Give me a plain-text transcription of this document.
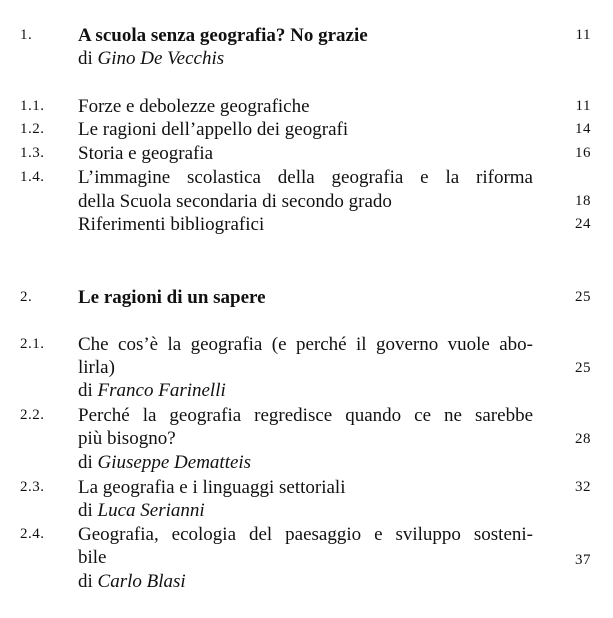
1. A scuola senza geografia? No grazie	11
di Gino De Vecchis
1.1. Forze e debolezze geografiche	11
1.2. Le ragioni dell’appello dei geografi	14
1.3. Storia e geografia	16
1.4. L’immagine scolastica della geografia e la riforma
della Scuola secondaria di secondo grado	18
Riferimenti bibliografici	24
2. Le ragioni di un sapere	25
2.1. Che cos’è la geografia (e perché il governo vuole abo-
lirla)	25
di Franco Farinelli
2.2. Perché la geografia regredisce quando ce ne sarebbe
più bisogno?	28
di Giuseppe Dematteis
2.3. La geografia e i linguaggi settoriali	32
di Luca Serianni
2.4. Geografia, ecologia del paesaggio e sviluppo sosteni-
bile	37
di Carlo Blasi
